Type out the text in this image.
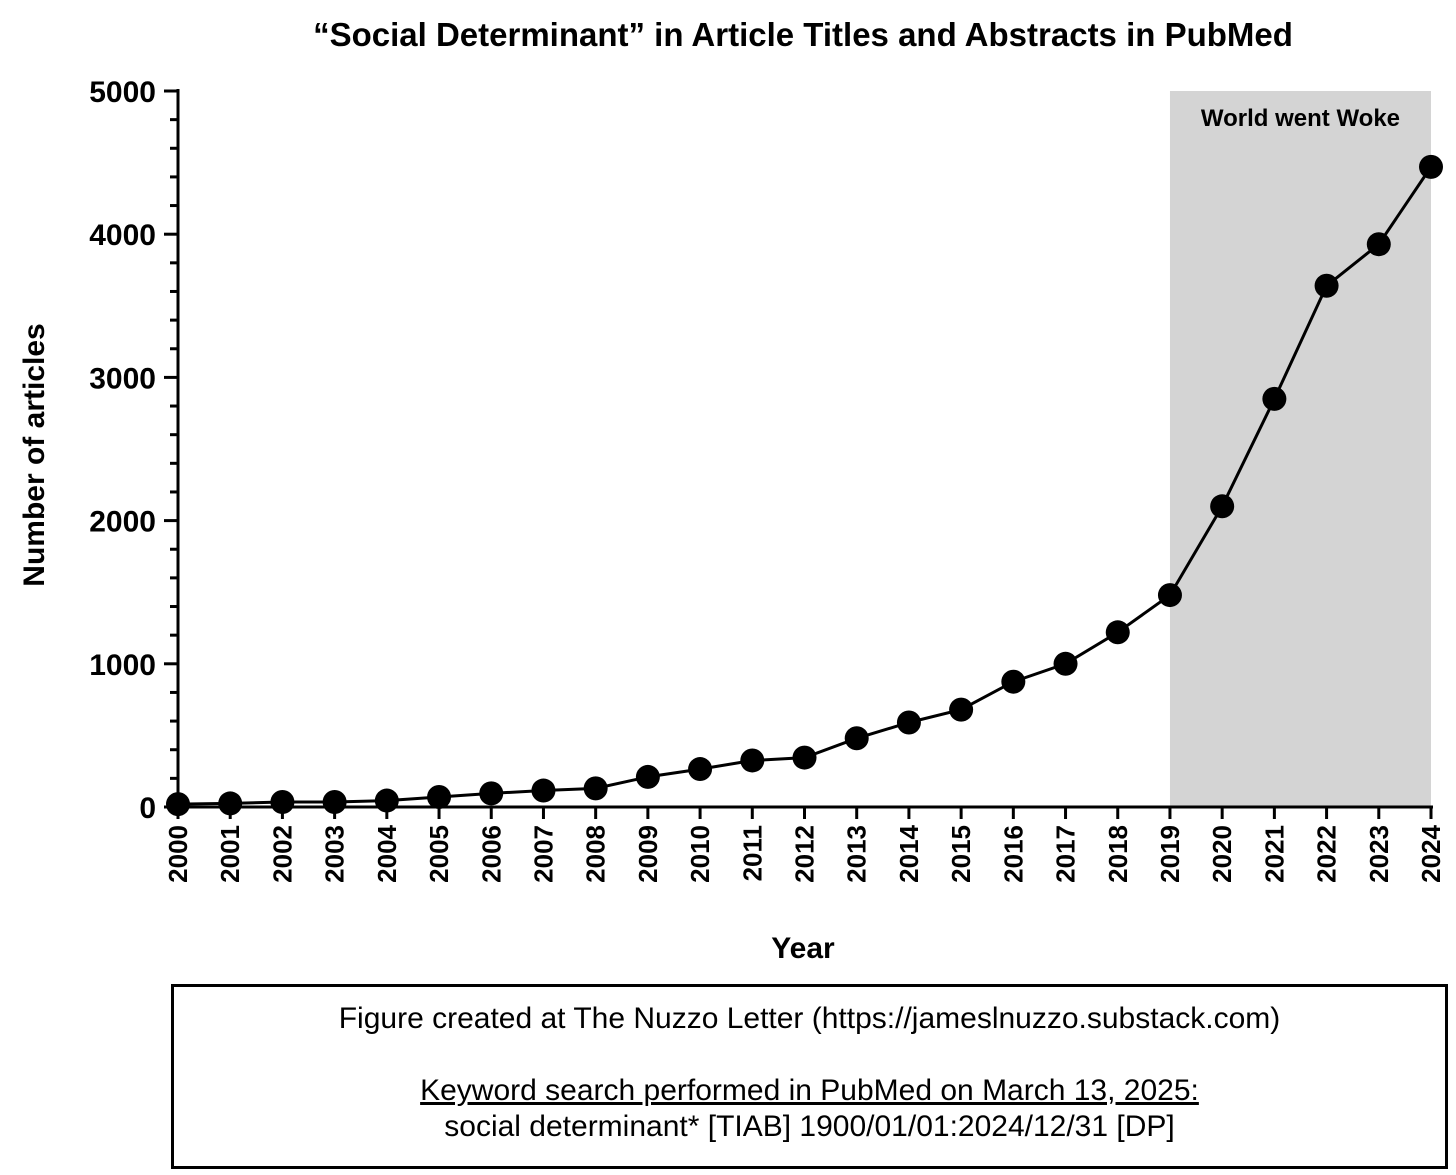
“Social Determinant” in Article Titles and Abstracts in PubMed
World went Woke
0
1000
2000
3000
4000
5000
2000 2001 2002 2003 2004 2005 2006 2007 2008 2009 2010 2011 2012 2013 2014 2015 2016 2017 2018 2019 2020 2021 2022 2023 2024
Number of articles
Year
Figure created at The Nuzzo Letter (https://jameslnuzzo.substack.com)
Keyword search performed in PubMed on March 13, 2025:
social determinant* [TIAB] 1900/01/01:2024/12/31 [DP]
